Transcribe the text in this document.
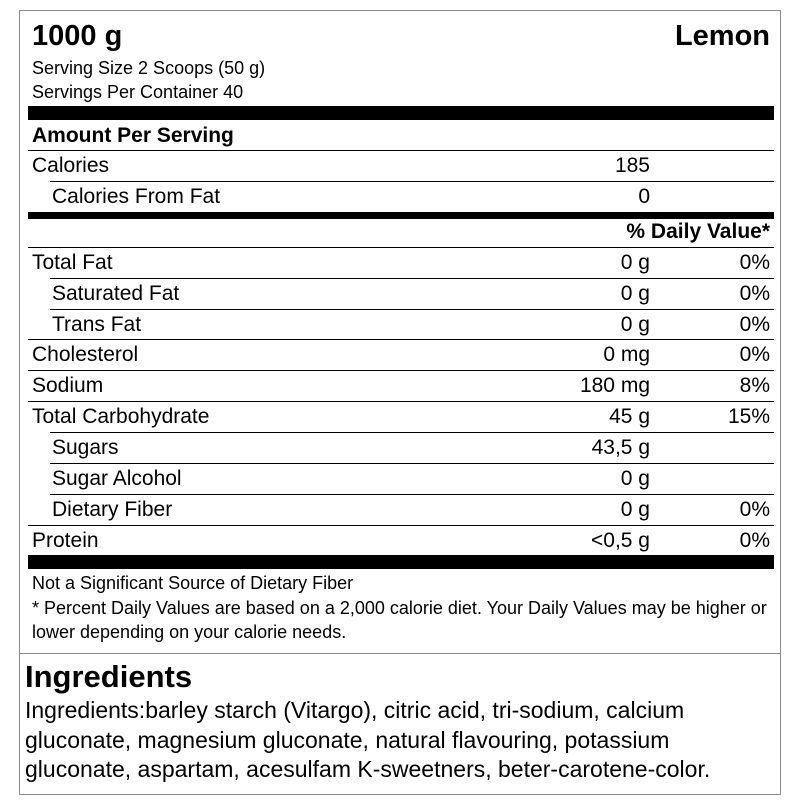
1000 g	Lemon
Serving Size 2 Scoops (50 g)
Servings Per Container 40
Amount Per Serving
Calories	185
Calories From Fat	0
% Daily Value*
Total Fat	0 g	0%
Saturated Fat	0 g	0%
Trans Fat	0 g	0%
Cholesterol	0 mg	0%
Sodium	180 mg	8%
Total Carbohydrate	45 g	15%
Sugars	43,5 g
Sugar Alcohol	0 g
Dietary Fiber	0 g	0%
Protein	<0,5 g	0%
Not a Significant Source of Dietary Fiber
* Percent Daily Values are based on a 2,000 calorie diet. Your Daily Values may be higher or lower depending on your calorie needs.
Ingredients
Ingredients:barley starch (Vitargo), citric acid, tri-sodium, calcium gluconate, magnesium gluconate, natural flavouring, potassium gluconate, aspartam, acesulfam K-sweetners, beter-carotene-color.
